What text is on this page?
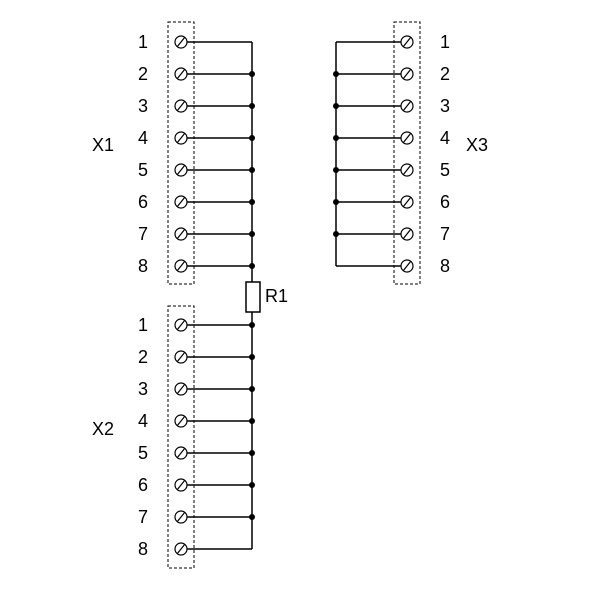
X1
X2
X3
R1
1
2
3
4
5
6
7
8
1
2
3
4
5
6
7
8
1
2
3
4
5
6
7
8
